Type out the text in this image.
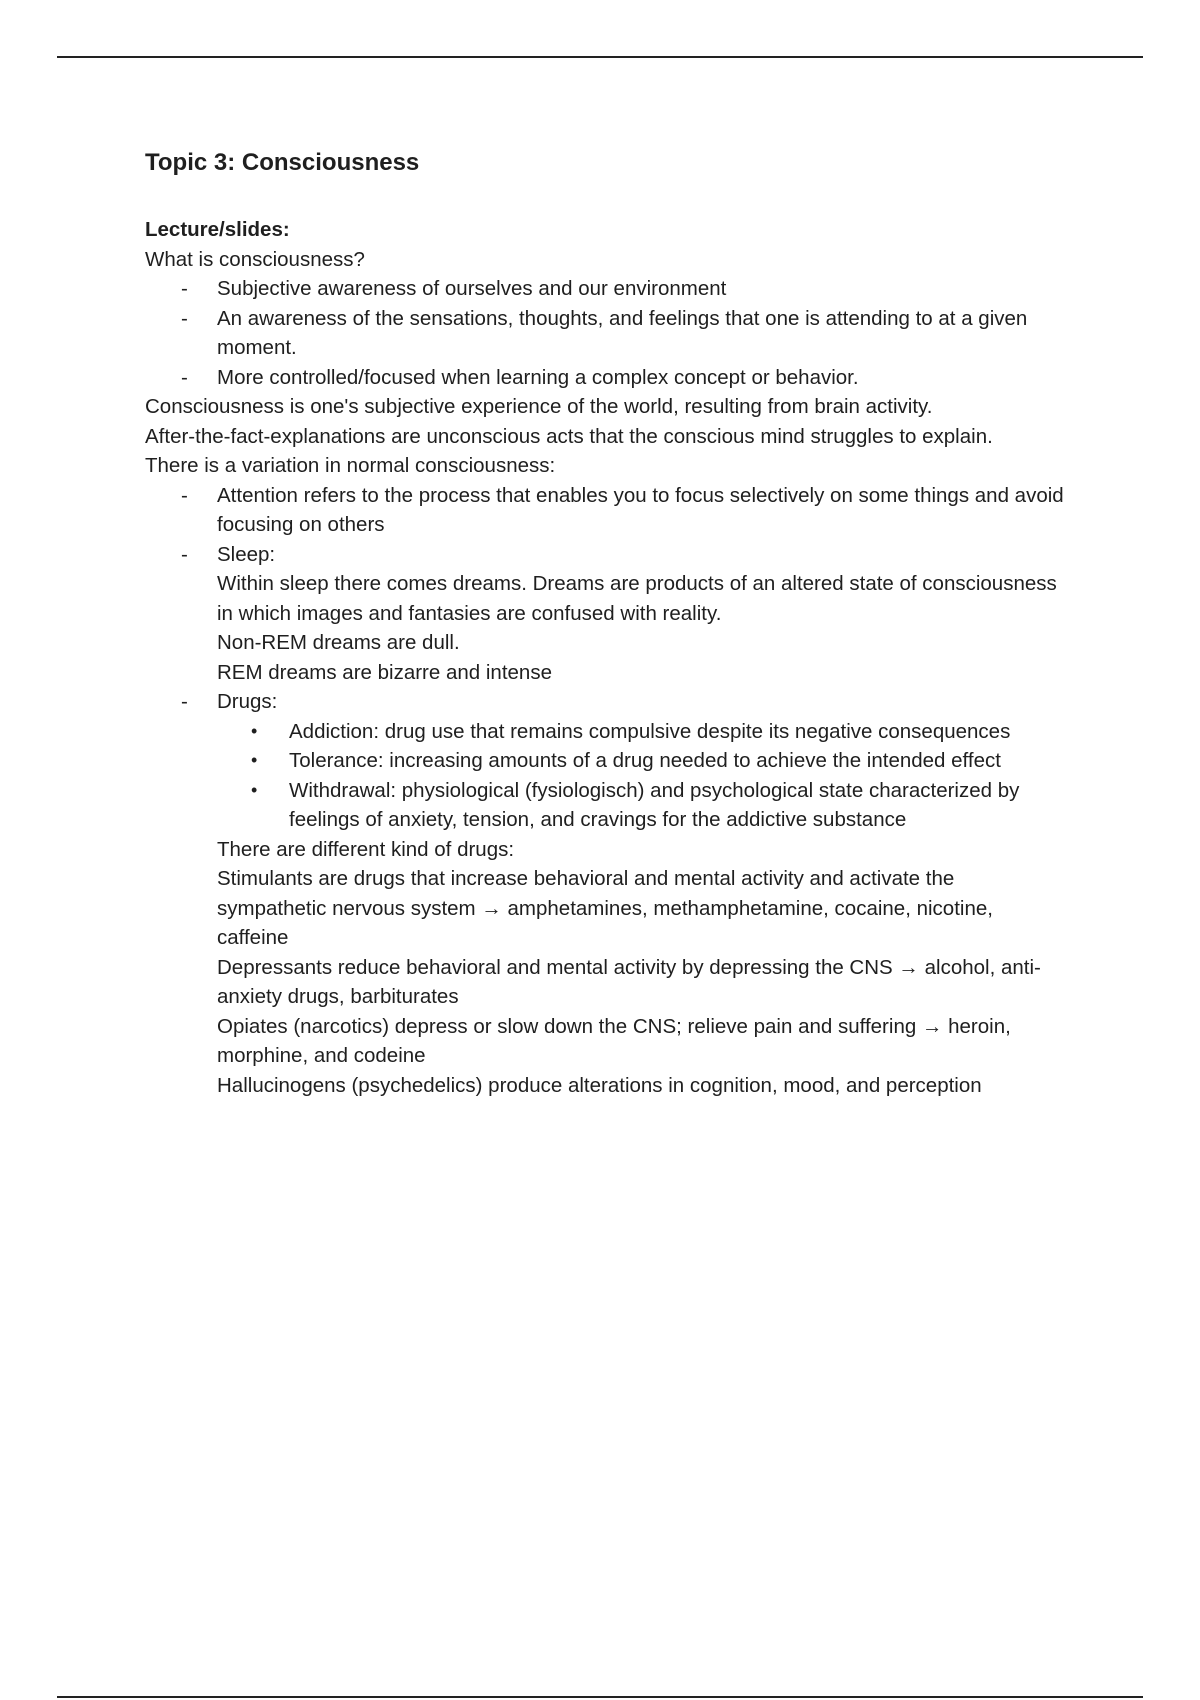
Topic 3: Consciousness

Lecture/slides:

What is consciousness?

- Subjective awareness of ourselves and our environment
- An awareness of the sensations, thoughts, and feelings that one is attending to at a given moment.
- More controlled/focused when learning a complex concept or behavior.

Consciousness is one's subjective experience of the world, resulting from brain activity.

After-the-fact-explanations are unconscious acts that the conscious mind struggles to explain.

There is a variation in normal consciousness:

- Attention refers to the process that enables you to focus selectively on some things and avoid focusing on others
- Sleep:

Within sleep there comes dreams. Dreams are products of an altered state of consciousness in which images and fantasies are confused with reality.

Non-REM dreams are dull.

REM dreams are bizarre and intense

- Drugs:

• Addiction: drug use that remains compulsive despite its negative consequences
• Tolerance: increasing amounts of a drug needed to achieve the intended effect
• Withdrawal: physiological (fysiologisch) and psychological state characterized by feelings of anxiety, tension, and cravings for the addictive substance

There are different kind of drugs:

Stimulants are drugs that increase behavioral and mental activity and activate the sympathetic nervous system → amphetamines, methamphetamine, cocaine, nicotine, caffeine

Depressants reduce behavioral and mental activity by depressing the CNS → alcohol, anti-anxiety drugs, barbiturates

Opiates (narcotics) depress or slow down the CNS; relieve pain and suffering → heroin, morphine, and codeine

Hallucinogens (psychedelics) produce alterations in cognition, mood, and perception
